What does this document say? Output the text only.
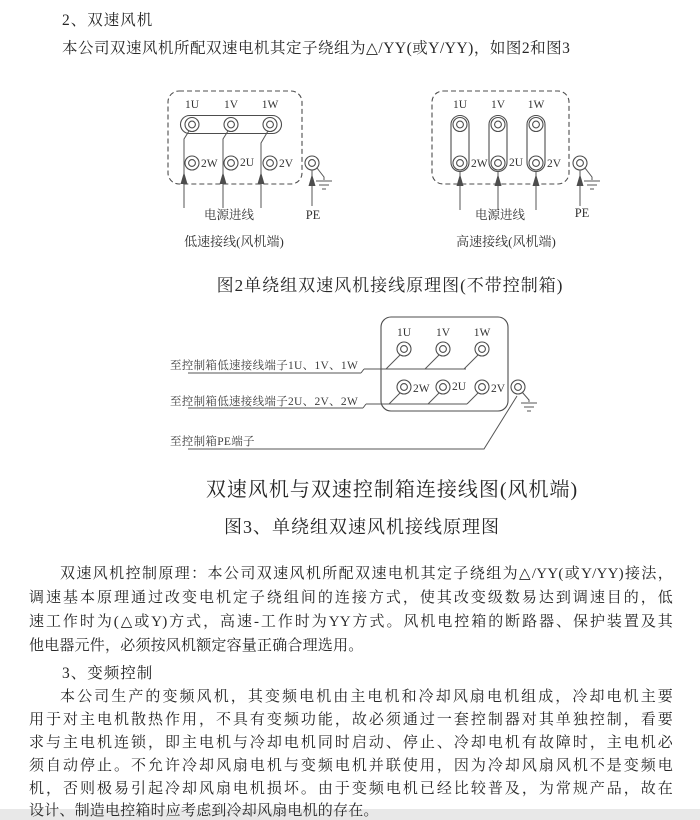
1U 1V 1W
2W 2U 2V
电源进线	PE
低速接线(风机端)
1U 1V 1W
2W 2U 2V
电源进线	PE
高速接线(风机端)
1U 1V 1W
2W 2U 2V
2、双速风机
本公司双速风机所配双速电机其定子绕组为△/YY(或Y/YY)，如图2和图3
图2单绕组双速风机接线原理图(不带控制箱)
至控制箱低速接线端子1U、1V、1W
至控制箱低速接线端子2U、2V、2W
至控制箱PE端子
双速风机与双速控制箱连接线图(风机端)
图3、单绕组双速风机接线原理图
双速风机控制原理：本公司双速风机所配双速电机其定子绕组为△/YY(或Y/YY)接法，
调速基本原理通过改变电机定子绕组间的连接方式，使其改变级数易达到调速目的，低
速工作时为(△或Y)方式，高速-工作时为YY方式。风机电控箱的断路器、保护装置及其
他电器元件，必须按风机额定容量正确合理选用。
3、变频控制
本公司生产的变频风机，其变频电机由主电机和冷却风扇电机组成，冷却电机主要
用于对主电机散热作用，不具有变频功能，故必须通过一套控制器对其单独控制，看要
求与主电机连锁，即主电机与冷却电机同时启动、停止、冷却电机有故障时，主电机必
须自动停止。不允许冷却风扇电机与变频电机并联使用，因为冷却风扇风机不是变频电
机，否则极易引起冷却风扇电机损坏。由于变频电机已经比较普及，为常规产品，故在
设计、制造电控箱时应考虑到冷却风扇电机的存在。
